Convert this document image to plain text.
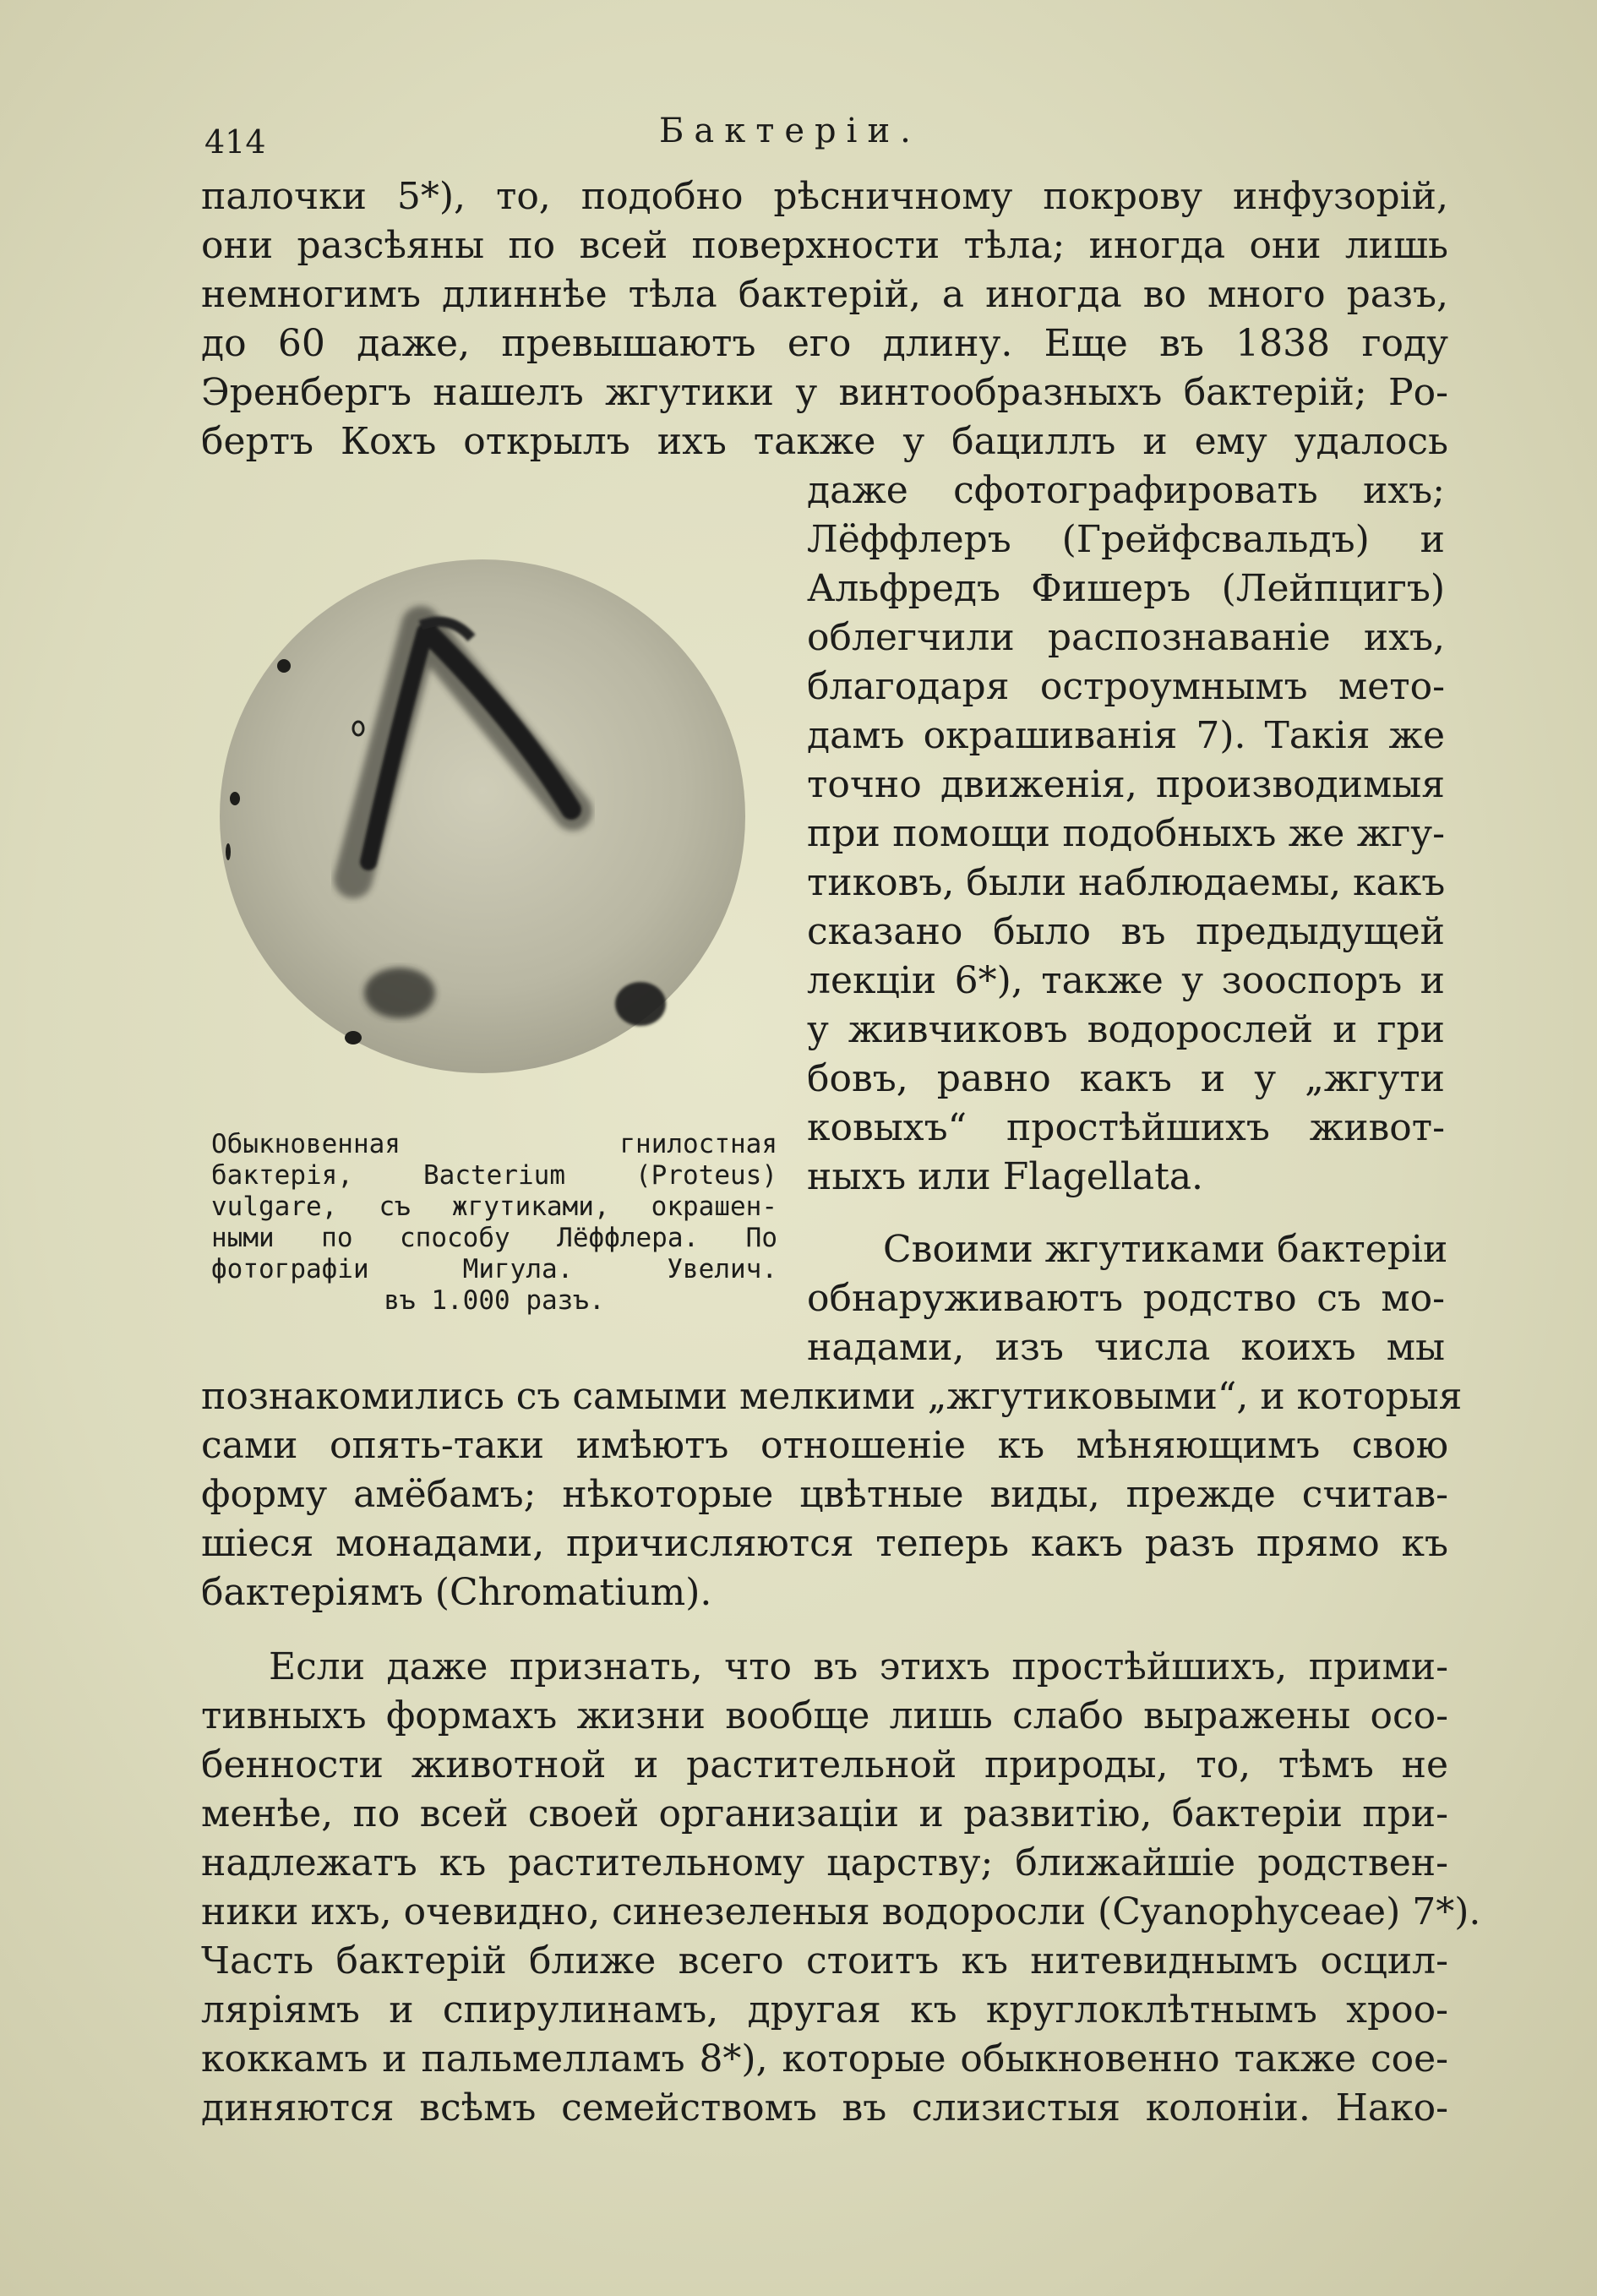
414	Бактеріи.
палочки 5*), то, подобно рѣсничному покрову инфузорій,
они разсѣяны по всей поверхности тѣла; иногда они лишь
немногимъ длиннѣе тѣла бактерій, а иногда во много разъ,
до 60 даже, превышаютъ его длину. Еще въ 1838 году
Эренбергъ нашелъ жгутики у винтообразныхъ бактерій; Ро-
бертъ Кохъ открылъ ихъ также у бациллъ и ему удалось
даже сфотографировать ихъ;
Лёффлеръ (Грейфсвальдъ) и
Альфредъ Фишеръ (Лейпцигъ)
облегчили распознаваніе ихъ,
благодаря остроумнымъ мето-
дамъ окрашиванія 7). Такія же
точно движенія, производимыя
при помощи подобныхъ же жгу-
тиковъ, были наблюдаемы, какъ
сказано было въ предыдущей
лекціи 6*), также у зооспоръ и
у живчиковъ водорослей и гри
бовъ, равно какъ и у „жгути
ковыхъ“ простѣйшихъ живот-
ныхъ или Flagellata.
Своими жгутиками бактеріи
обнаруживаютъ родство съ мо-
надами, изъ числа коихъ мы
Обыкновенная гнилостная
бактерія, Bacterium (Proteus)
vulgare, съ жгутиками, окрашен-
ными по способу Лёффлера. По
фотографіи Мигула. Увелич.
въ 1.000 разъ.
познакомились съ самыми мелкими „жгутиковыми“, и которыя
сами опять-таки имѣютъ отношеніе къ мѣняющимъ свою
форму амёбамъ; нѣкоторые цвѣтные виды, прежде считав-
шіеся монадами, причисляются теперь какъ разъ прямо къ
бактеріямъ (Chromatium).
Если даже признать, что въ этихъ простѣйшихъ, прими-
тивныхъ формахъ жизни вообще лишь слабо выражены осо-
бенности животной и растительной природы, то, тѣмъ не
менѣе, по всей своей организаціи и развитію, бактеріи при-
надлежатъ къ растительному царству; ближайшіе родствен-
ники ихъ, очевидно, синезеленыя водоросли (Cyanophyceae) 7*).
Часть бактерій ближе всего стоитъ къ нитевиднымъ осцил-
ляріямъ и спирулинамъ, другая къ круглоклѣтнымъ хроо-
коккамъ и пальмелламъ 8*), которые обыкновенно также сое-
диняются всѣмъ семействомъ въ слизистыя колоніи. Нако-
